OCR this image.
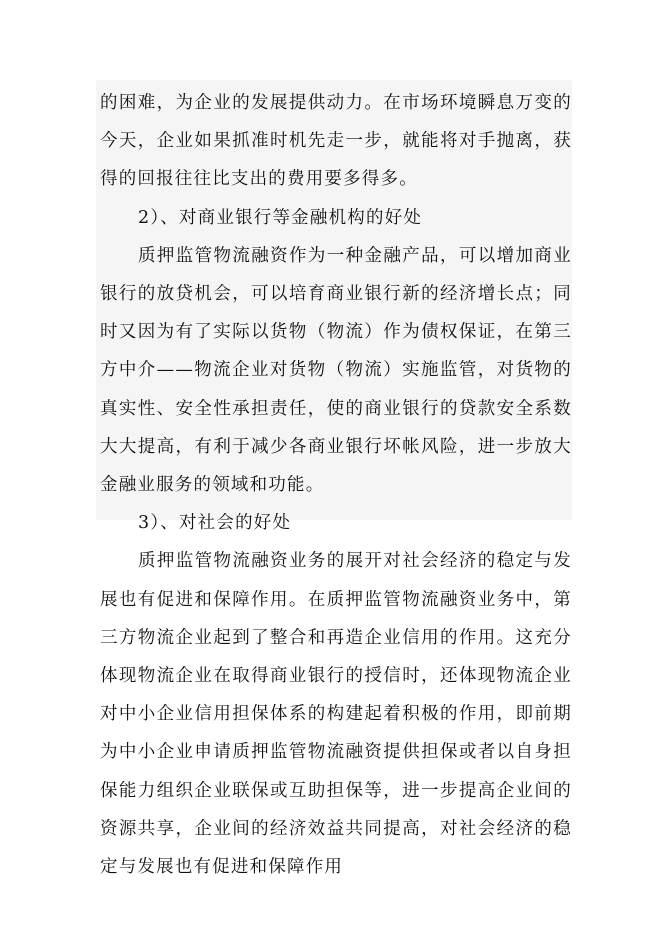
的困难，为企业的发展提供动力。在市场环境瞬息万变的今天，企业如果抓准时机先走一步，就能将对手抛离，获得的回报往往比支出的费用要多得多。

2）、对商业银行等金融机构的好处

质押监管物流融资作为一种金融产品，可以增加商业银行的放贷机会，可以培育商业银行新的经济增长点；同时又因为有了实际以货物（物流）作为债权保证，在第三方中介——物流企业对货物（物流）实施监管，对货物的真实性、安全性承担责任，使的商业银行的贷款安全系数大大提高，有利于减少各商业银行坏帐风险，进一步放大金融业服务的领域和功能。

3）、对社会的好处

质押监管物流融资业务的展开对社会经济的稳定与发展也有促进和保障作用。在质押监管物流融资业务中，第三方物流企业起到了整合和再造企业信用的作用。这充分体现物流企业在取得商业银行的授信时，还体现物流企业对中小企业信用担保体系的构建起着积极的作用，即前期为中小企业申请质押监管物流融资提供担保或者以自身担保能力组织企业联保或互助担保等，进一步提高企业间的资源共享，企业间的经济效益共同提高，对社会经济的稳定与发展也有促进和保障作用
